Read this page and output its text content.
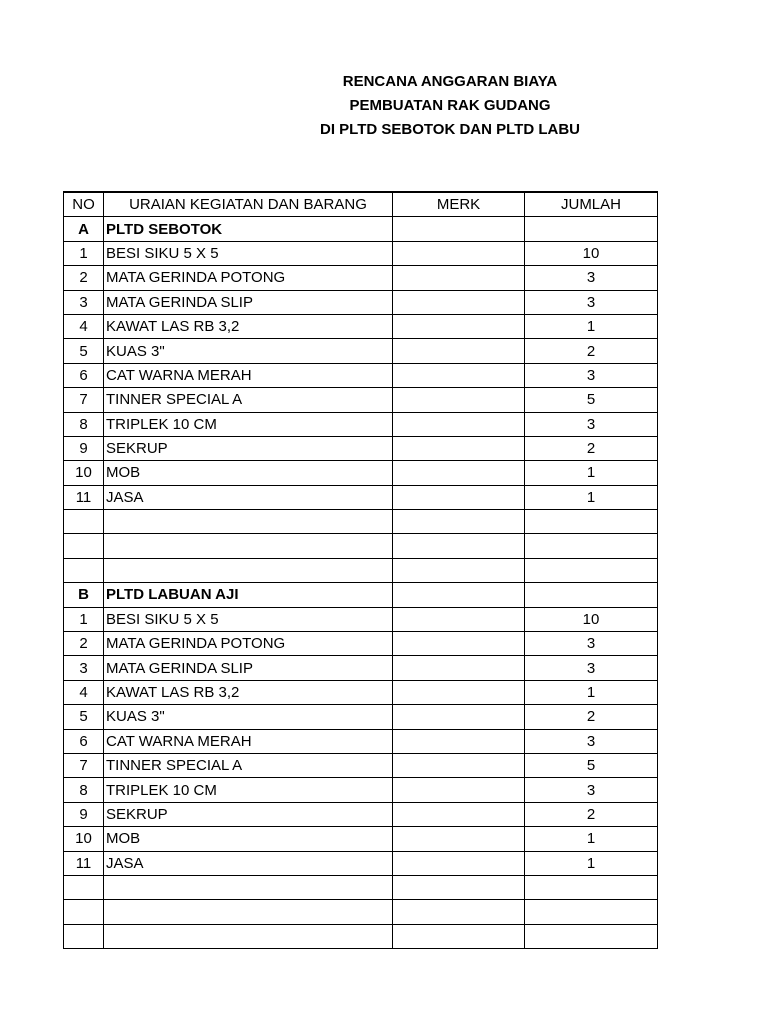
RENCANA ANGGARAN BIAYA
PEMBUATAN RAK GUDANG
DI PLTD SEBOTOK DAN PLTD LABU
NO	URAIAN KEGIATAN DAN BARANG	MERK	JUMLAH
A	PLTD SEBOTOK		
1	BESI SIKU 5 X 5		10
2	MATA GERINDA POTONG		3
3	MATA GERINDA SLIP		3
4	KAWAT LAS RB 3,2		1
5	KUAS 3"		2
6	CAT WARNA MERAH		3
7	TINNER SPECIAL A		5
8	TRIPLEK 10 CM		3
9	SEKRUP		2
10	MOB		1
11	JASA		1

B	PLTD LABUAN AJI		
1	BESI SIKU 5 X 5		10
2	MATA GERINDA POTONG		3
3	MATA GERINDA SLIP		3
4	KAWAT LAS RB 3,2		1
5	KUAS 3"		2
6	CAT WARNA MERAH		3
7	TINNER SPECIAL A		5
8	TRIPLEK 10 CM		3
9	SEKRUP		2
10	MOB		1
11	JASA		1
